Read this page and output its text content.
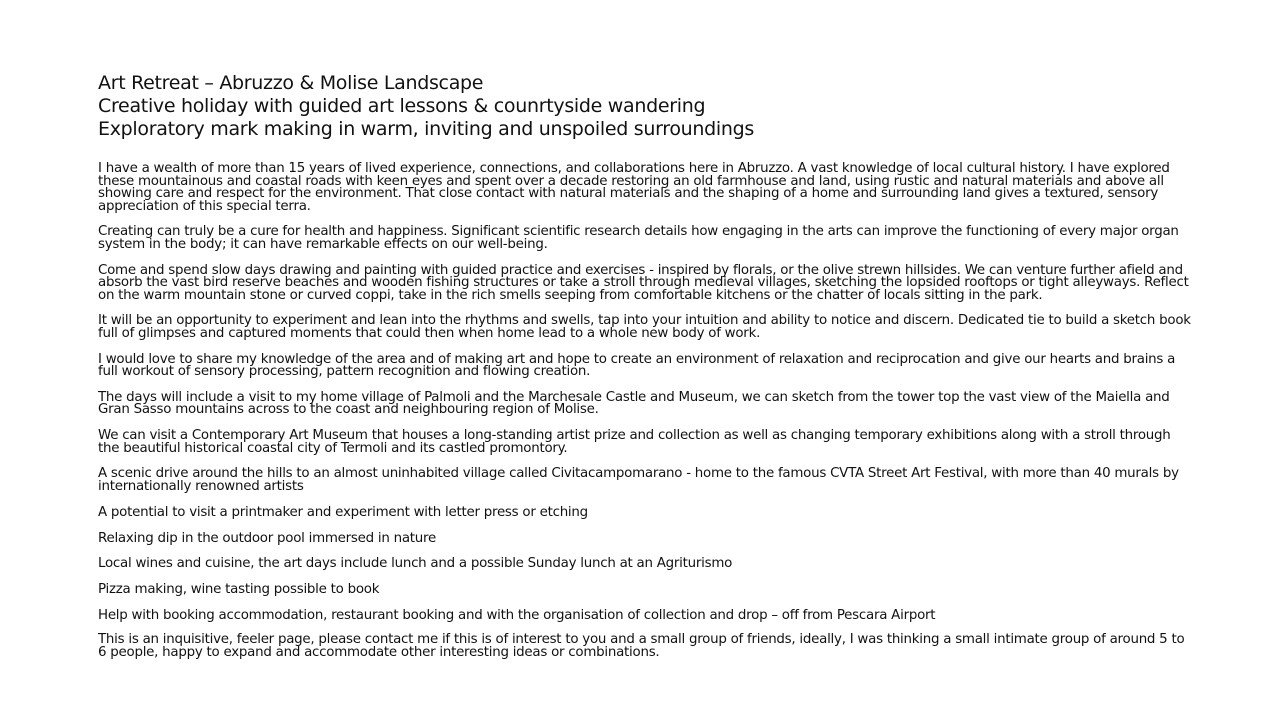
Art Retreat – Abruzzo & Molise Landscape
Creative holiday with guided art lessons & counrtyside wandering
Exploratory mark making in warm, inviting and unspoiled surroundings

I have a wealth of more than 15 years of lived experience, connections, and collaborations here in Abruzzo. A vast knowledge of local cultural history. I have explored these mountainous and coastal roads with keen eyes and spent over a decade restoring an old farmhouse and land, using rustic and natural materials and above all showing care and respect for the environment. That close contact with natural materials and the shaping of a home and surrounding land gives a textured, sensory appreciation of this special terra.

Creating can truly be a cure for health and happiness. Significant scientific research details how engaging in the arts can improve the functioning of every major organ system in the body; it can have remarkable effects on our well-being.

Come and spend slow days drawing and painting with guided practice and exercises - inspired by florals, or the olive strewn hillsides. We can venture further afield and absorb the vast bird reserve beaches and wooden fishing structures or take a stroll through medieval villages, sketching the lopsided rooftops or tight alleyways. Reflect on the warm mountain stone or curved coppi, take in the rich smells seeping from comfortable kitchens or the chatter of locals sitting in the park.

It will be an opportunity to experiment and lean into the rhythms and swells, tap into your intuition and ability to notice and discern. Dedicated tie to build a sketch book full of glimpses and captured moments that could then when home lead to a whole new body of work.

I would love to share my knowledge of the area and of making art and hope to create an environment of relaxation and reciprocation and give our hearts and brains a full workout of sensory processing, pattern recognition and flowing creation.

The days will include a visit to my home village of Palmoli and the Marchesale Castle and Museum, we can sketch from the tower top the vast view of the Maiella and Gran Sasso mountains across to the coast and neighbouring region of Molise.

We can visit a Contemporary Art Museum that houses a long-standing artist prize and collection as well as changing temporary exhibitions along with a stroll through the beautiful historical coastal city of Termoli and its castled promontory.

A scenic drive around the hills to an almost uninhabited village called Civitacampomarano - home to the famous CVTA Street Art Festival, with more than 40 murals by internationally renowned artists

A potential to visit a printmaker and experiment with letter press or etching

Relaxing dip in the outdoor pool immersed in nature

Local wines and cuisine, the art days include lunch and a possible Sunday lunch at an Agriturismo

Pizza making, wine tasting possible to book

Help with booking accommodation, restaurant booking and with the organisation of collection and drop – off from Pescara Airport

This is an inquisitive, feeler page, please contact me if this is of interest to you and a small group of friends, ideally, I was thinking a small intimate group of around 5 to 6 people, happy to expand and accommodate other interesting ideas or combinations.
